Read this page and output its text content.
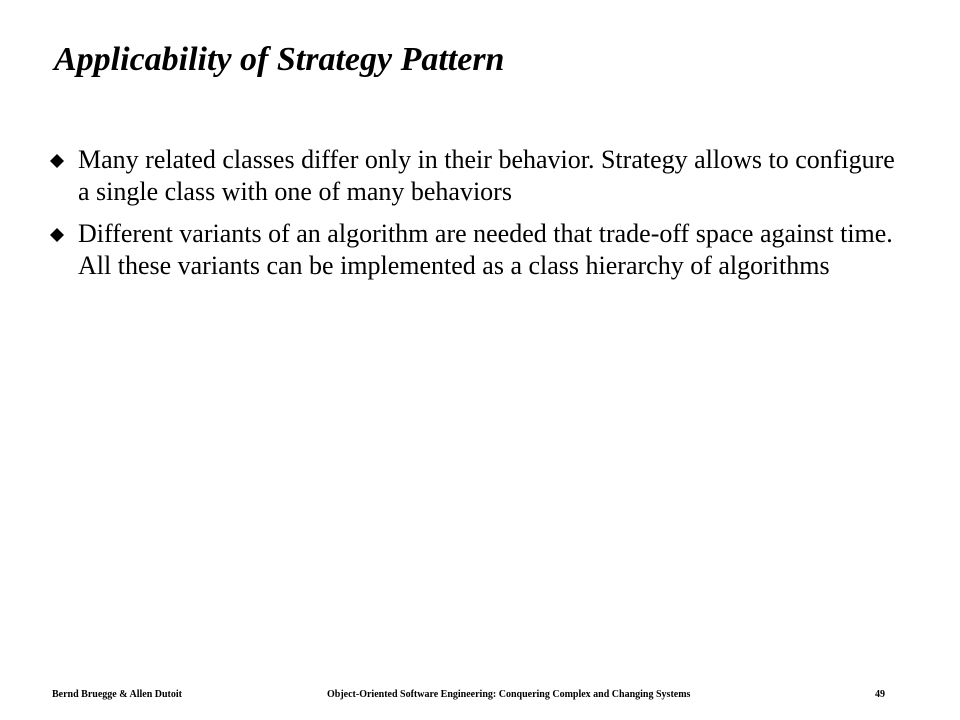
Applicability of Strategy Pattern
Many related classes differ only in their behavior. Strategy allows to configure a single class with one of many behaviors
Different variants of an algorithm are needed that trade-off space against time. All these variants can be implemented as a class hierarchy of algorithms
Bernd Bruegge & Allen Dutoit	Object-Oriented Software Engineering: Conquering Complex and Changing Systems	49
